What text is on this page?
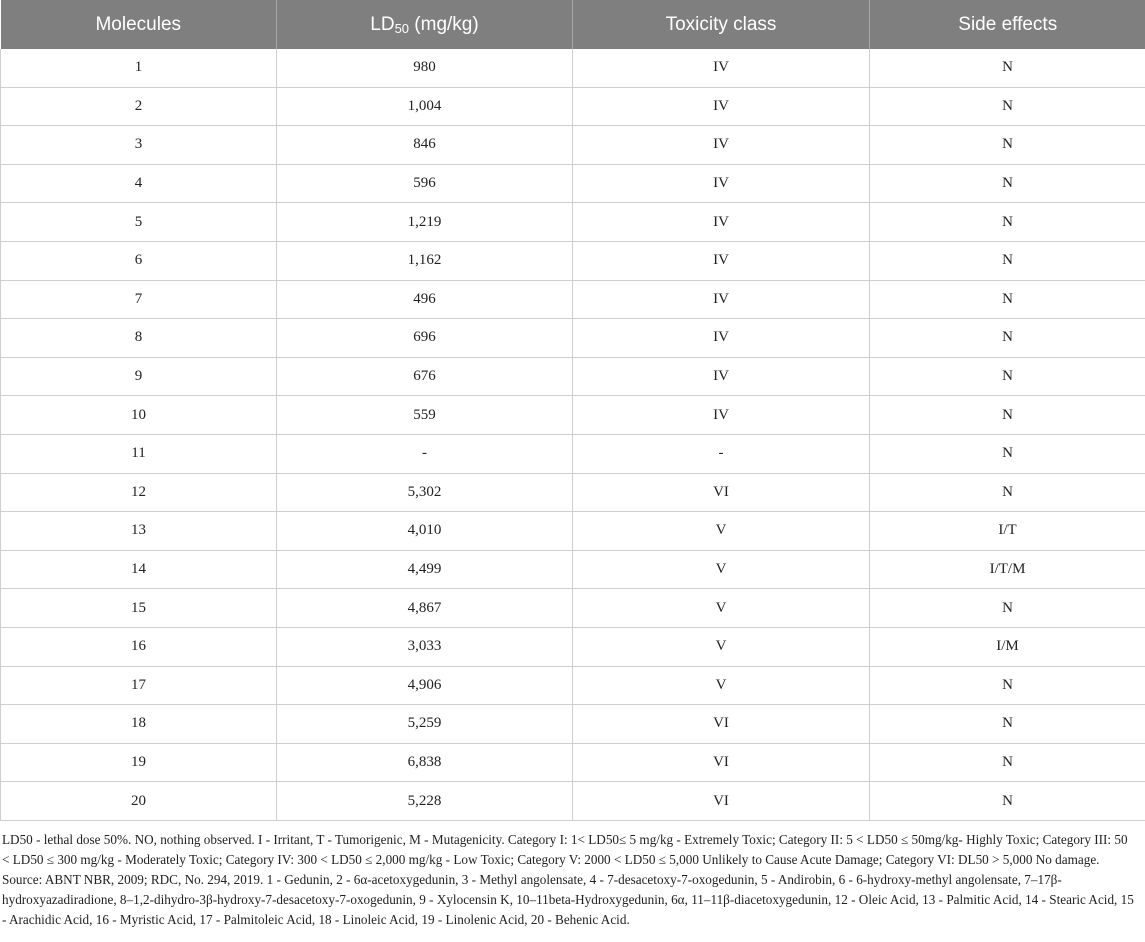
Molecules	$LD_{50}$ (mg/kg)	Toxicity class	Side effects
1	980	IV	N
2	1,004	IV	N
3	846	IV	N
4	596	IV	N
5	1,219	IV	N
6	1,162	IV	N
7	496	IV	N
8	696	IV	N
9	676	IV	N
10	559	IV	N
11	-	-	N
12	5,302	VI	N
13	4,010	V	I/T
14	4,499	V	I/T/M
15	4,867	V	N
16	3,033	V	I/M
17	4,906	V	N
18	5,259	VI	N
19	6,838	VI	N
20	5,228	VI	N

LD50 - lethal dose 50%. NO, nothing observed. I - Irritant, T - Tumorigenic, M - Mutagenicity. Category I: 1< LD50≤ 5 mg/kg - Extremely Toxic; Category II: 5 < LD50 ≤ 50mg/kg- Highly Toxic; Category III: 50 < LD50 ≤ 300 mg/kg - Moderately Toxic; Category IV: 300 < LD50 ≤ 2,000 mg/kg - Low Toxic; Category V: 2000 < LD50 ≤ 5,000 Unlikely to Cause Acute Damage; Category VI: DL50 > 5,000 No damage. Source: ABNT NBR, 2009; RDC, No. 294, 2019. 1 - Gedunin, 2 - 6α-acetoxygedunin, 3 - Methyl angolensate, 4 - 7-desacetoxy-7-oxogedunin, 5 - Andirobin, 6 - 6-hydroxy-methyl angolensate, 7–17β-hydroxyazadiradione, 8–1,2-dihydro-3β-hydroxy-7-desacetoxy-7-oxogedunin, 9 - Xylocensin K, 10–11beta-Hydroxygedunin, 6α, 11–11β-diacetoxygedunin, 12 - Oleic Acid, 13 - Palmitic Acid, 14 - Stearic Acid, 15 - Arachidic Acid, 16 - Myristic Acid, 17 - Palmitoleic Acid, 18 - Linoleic Acid, 19 - Linolenic Acid, 20 - Behenic Acid.
